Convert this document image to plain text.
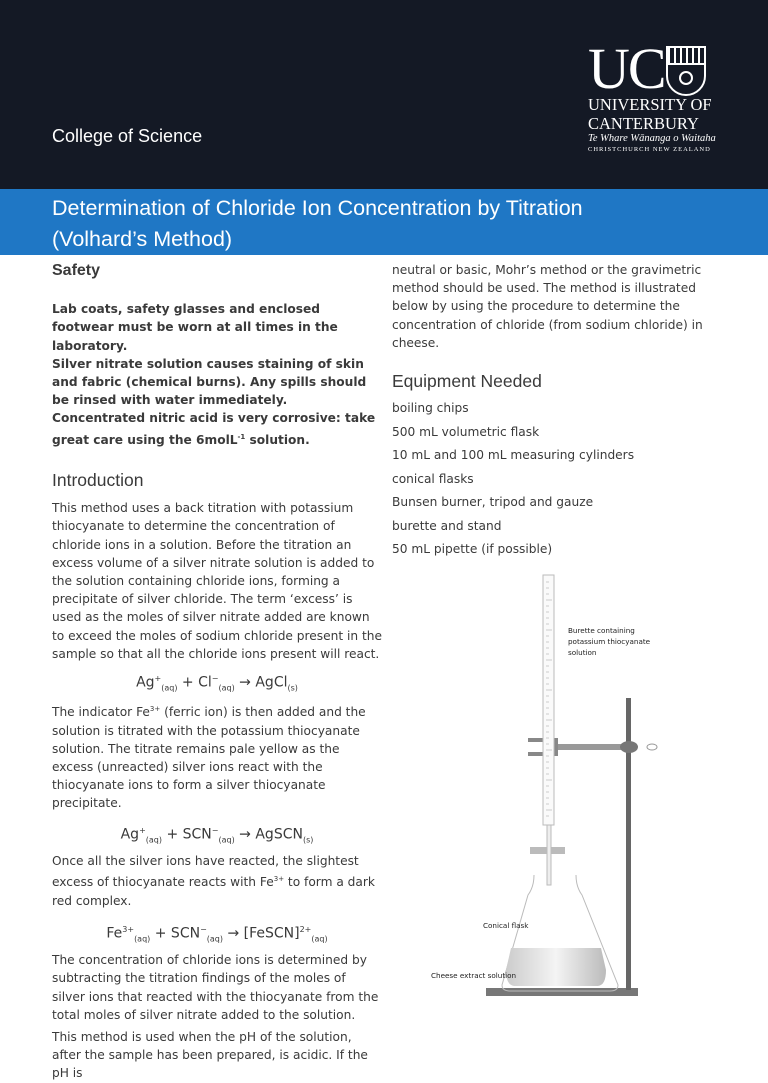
College of Science
UC
UNIVERSITY OF
CANTERBURY
Te Whare Wānanga o Waitaha
CHRISTCHURCH NEW ZEALAND
Determination of Chloride Ion Concentration by Titration
(Volhard’s Method)
Safety

Lab coats, safety glasses and enclosed footwear must be worn at all times in the laboratory.

Silver nitrate solution causes staining of skin and fabric (chemical burns). Any spills should be rinsed with water immediately.

Concentrated nitric acid is very corrosive: take great care using the 6molL$^{-1}$ solution.

Introduction

This method uses a back titration with potassium thiocyanate to determine the concentration of chloride ions in a solution. Before the titration an excess volume of a silver nitrate solution is added to the solution containing chloride ions, forming a precipitate of silver chloride. The term ‘excess’ is used as the moles of silver nitrate added are known to exceed the moles of sodium chloride present in the sample so that all the chloride ions present will react.

$Ag^+_{(aq)} + Cl^-_{(aq)}$ → AgCl$_{(s)}$

The indicator $Fe^{3+}$ (ferric ion) is then added and the solution is titrated with the potassium thiocyanate solution. The titrate remains pale yellow as the excess (unreacted) silver ions react with the thiocyanate ions to form a silver thiocyanate precipitate.

$Ag^+_{(aq)} + SCN^-_{(aq)}$ → AgSCN$_{(s)}$

Once all the silver ions have reacted, the slightest excess of thiocyanate reacts with $Fe^{3+}$ to form a dark red complex.

$Fe^{3+}_{(aq)} + SCN^-_{(aq)}$ → [FeSCN]$^{2+}_{(aq)}$

The concentration of chloride ions is determined by subtracting the titration findings of the moles of silver ions that reacted with the thiocyanate from the total moles of silver nitrate added to the solution.

This method is used when the pH of the solution, after the sample has been prepared, is acidic. If the pH is

neutral or basic, Mohr’s method or the gravimetric method should be used. The method is illustrated below by using the procedure to determine the concentration of chloride (from sodium chloride) in cheese.

Equipment Needed
boiling chips
500 mL volumetric flask
10 mL and 100 mL measuring cylinders
conical flasks
Bunsen burner, tripod and gauze
burette and stand
50 mL pipette (if possible)
Burette containing potassium thiocyanate solution
Conical flask
Cheese extract solution
